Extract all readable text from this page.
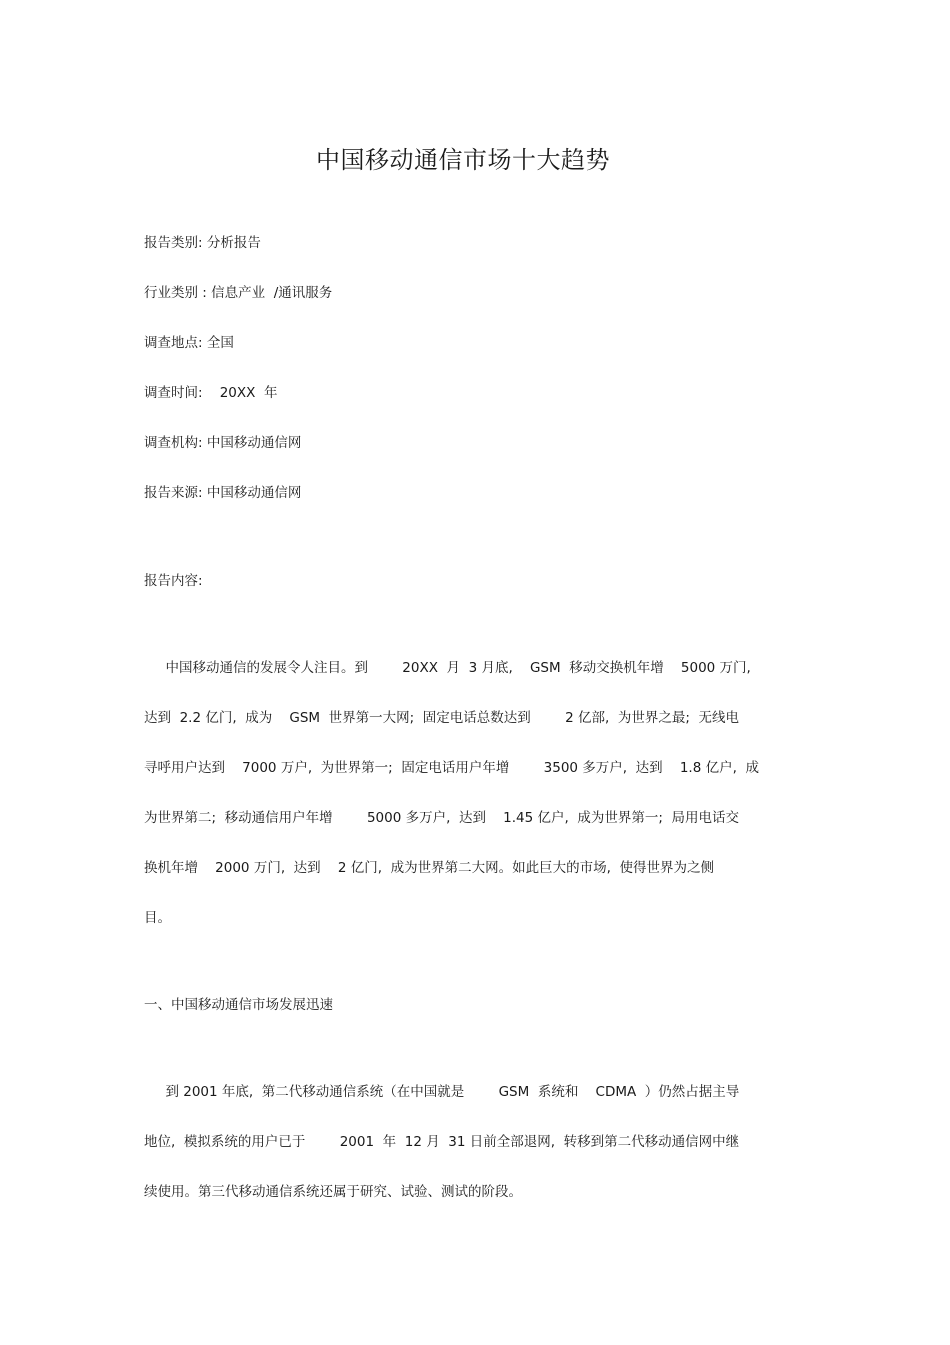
中国移动通信市场十大趋势
报告类别: 分析报告
行业类别 : 信息产业  /通讯服务
调查地点: 全国
调查时间:    20XX  年
调查机构: 中国移动通信网
报告来源: 中国移动通信网
报告内容:
中国移动通信的发展令人注目。到        20XX  月  3 月底,    GSM  移动交换机年增    5000 万门,
达到  2.2 亿门,  成为    GSM  世界第一大网;  固定电话总数达到        2 亿部,  为世界之最;  无线电
寻呼用户达到    7000 万户,  为世界第一;  固定电话用户年增        3500 多万户,  达到    1.8 亿户,  成
为世界第二;  移动通信用户年增        5000 多万户,  达到    1.45 亿户,  成为世界第一;  局用电话交
换机年增    2000 万门,  达到    2 亿门,  成为世界第二大网。如此巨大的市场,  使得世界为之侧
目。
一、中国移动通信市场发展迅速
到 2001 年底,  第二代移动通信系统（在中国就是        GSM  系统和    CDMA  ）仍然占据主导
地位,  模拟系统的用户已于        2001  年  12 月  31 日前全部退网,  转移到第二代移动通信网中继
续使用。第三代移动通信系统还属于研究、试验、测试的阶段。
